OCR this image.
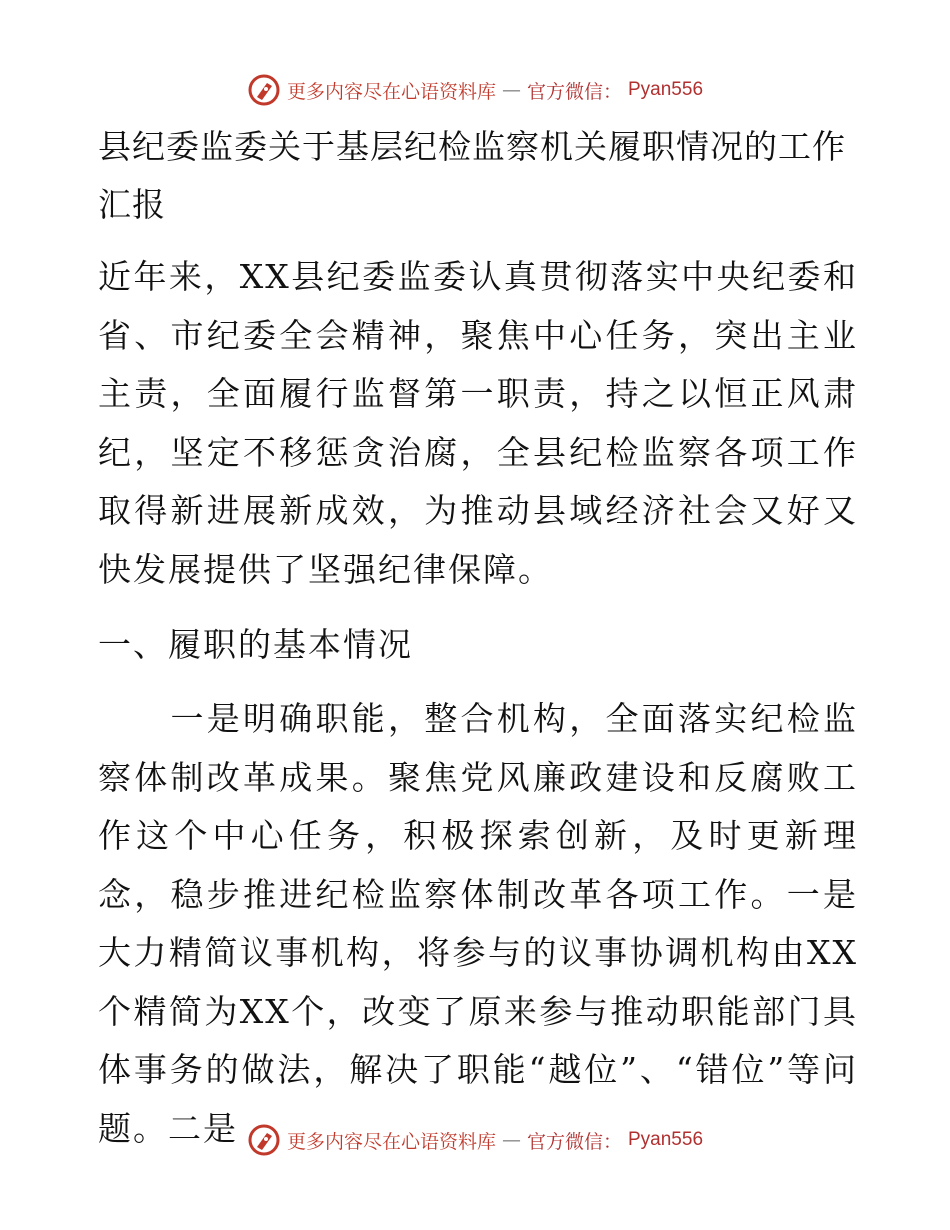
更多内容尽在心语资料库 — 官方微信： Pyan556
县纪委监委关于基层纪检监察机关履职情况的工作汇报

近年来，XX县纪委监委认真贯彻落实中央纪委和省、市纪委全会精神，聚焦中心任务，突出主业主责，全面履行监督第一职责，持之以恒正风肃纪，坚定不移惩贪治腐，全县纪检监察各项工作取得新进展新成效，为推动县域经济社会又好又快发展提供了坚强纪律保障。

一、履职的基本情况

　　一是明确职能，整合机构，全面落实纪检监察体制改革成果。聚焦党风廉政建设和反腐败工作这个中心任务，积极探索创新，及时更新理念，稳步推进纪检监察体制改革各项工作。一是大力精简议事机构，将参与的议事协调机构由XX个精简为XX个，改变了原来参与推动职能部门具体事务的做法，解决了职能“越位”、“错位”等问题。二是	更多内容尽在心语资料库 — 官方微信： Pyan556
